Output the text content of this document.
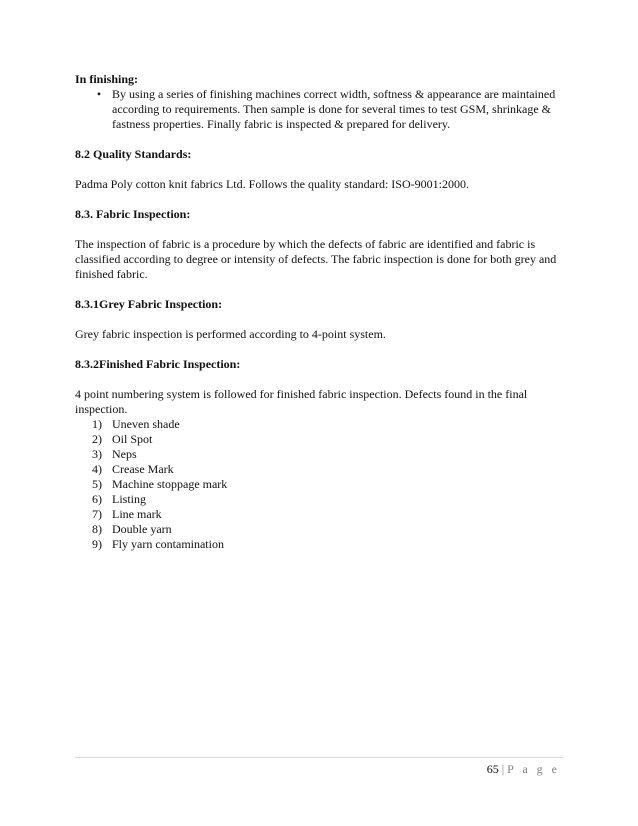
In finishing:

• By using a series of finishing machines correct width, softness & appearance are maintained according to requirements. Then sample is done for several times to test GSM, shrinkage & fastness properties. Finally fabric is inspected & prepared for delivery.

8.2 Quality Standards:

Padma Poly cotton knit fabrics Ltd. Follows the quality standard: ISO-9001:2000.

8.3. Fabric Inspection:

The inspection of fabric is a procedure by which the defects of fabric are identified and fabric is classified according to degree or intensity of defects. The fabric inspection is done for both grey and finished fabric.

8.3.1Grey Fabric Inspection:

Grey fabric inspection is performed according to 4-point system.

8.3.2Finished Fabric Inspection:

4 point numbering system is followed for finished fabric inspection. Defects found in the final inspection.

1) Uneven shade
2) Oil Spot
3) Neps
4) Crease Mark
5) Machine stoppage mark
6) Listing
7) Line mark
8) Double yarn
9) Fly yarn contamination
65 | P a g e
